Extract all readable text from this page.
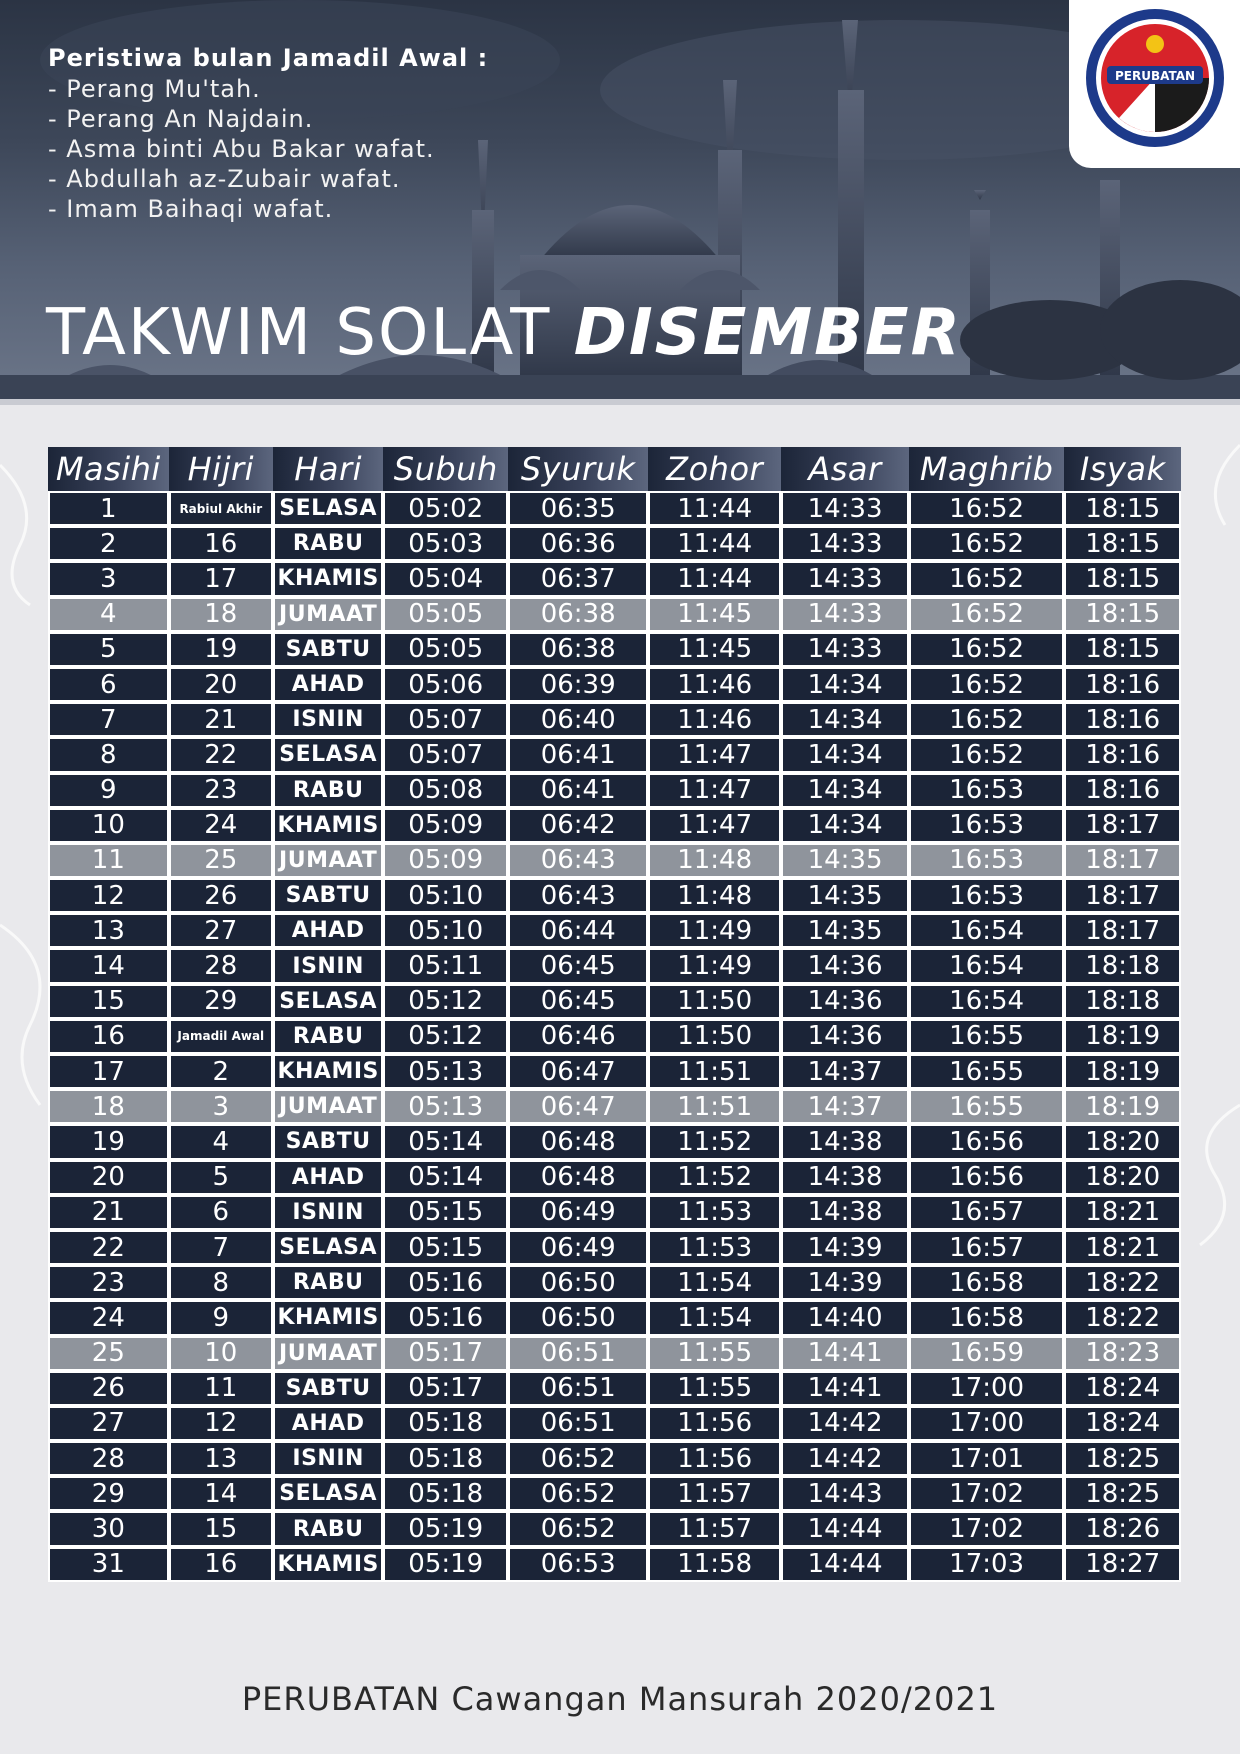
Peristiwa bulan Jamadil Awal :
- Perang Mu'tah.
- Perang An Najdain.
- Asma binti Abu Bakar wafat.
- Abdullah az-Zubair wafat.
- Imam Baihaqi wafat.
TAKWIM SOLAT DISEMBER
PERUBATAN
Masihi	Hijri	Hari	Subuh	Syuruk	Zohor	Asar	Maghrib	Isyak
1	Rabiul Akhir	SELASA	05:02	06:35	11:44	14:33	16:52	18:15
2	16	RABU	05:03	06:36	11:44	14:33	16:52	18:15
3	17	KHAMIS	05:04	06:37	11:44	14:33	16:52	18:15
4	18	JUMAAT	05:05	06:38	11:45	14:33	16:52	18:15
5	19	SABTU	05:05	06:38	11:45	14:33	16:52	18:15
6	20	AHAD	05:06	06:39	11:46	14:34	16:52	18:16
7	21	ISNIN	05:07	06:40	11:46	14:34	16:52	18:16
8	22	SELASA	05:07	06:41	11:47	14:34	16:52	18:16
9	23	RABU	05:08	06:41	11:47	14:34	16:53	18:16
10	24	KHAMIS	05:09	06:42	11:47	14:34	16:53	18:17
11	25	JUMAAT	05:09	06:43	11:48	14:35	16:53	18:17
12	26	SABTU	05:10	06:43	11:48	14:35	16:53	18:17
13	27	AHAD	05:10	06:44	11:49	14:35	16:54	18:17
14	28	ISNIN	05:11	06:45	11:49	14:36	16:54	18:18
15	29	SELASA	05:12	06:45	11:50	14:36	16:54	18:18
16	Jamadil Awal	RABU	05:12	06:46	11:50	14:36	16:55	18:19
17	2	KHAMIS	05:13	06:47	11:51	14:37	16:55	18:19
18	3	JUMAAT	05:13	06:47	11:51	14:37	16:55	18:19
19	4	SABTU	05:14	06:48	11:52	14:38	16:56	18:20
20	5	AHAD	05:14	06:48	11:52	14:38	16:56	18:20
21	6	ISNIN	05:15	06:49	11:53	14:38	16:57	18:21
22	7	SELASA	05:15	06:49	11:53	14:39	16:57	18:21
23	8	RABU	05:16	06:50	11:54	14:39	16:58	18:22
24	9	KHAMIS	05:16	06:50	11:54	14:40	16:58	18:22
25	10	JUMAAT	05:17	06:51	11:55	14:41	16:59	18:23
26	11	SABTU	05:17	06:51	11:55	14:41	17:00	18:24
27	12	AHAD	05:18	06:51	11:56	14:42	17:00	18:24
28	13	ISNIN	05:18	06:52	11:56	14:42	17:01	18:25
29	14	SELASA	05:18	06:52	11:57	14:43	17:02	18:25
30	15	RABU	05:19	06:52	11:57	14:44	17:02	18:26
31	16	KHAMIS	05:19	06:53	11:58	14:44	17:03	18:27
PERUBATAN Cawangan Mansurah 2020/2021
